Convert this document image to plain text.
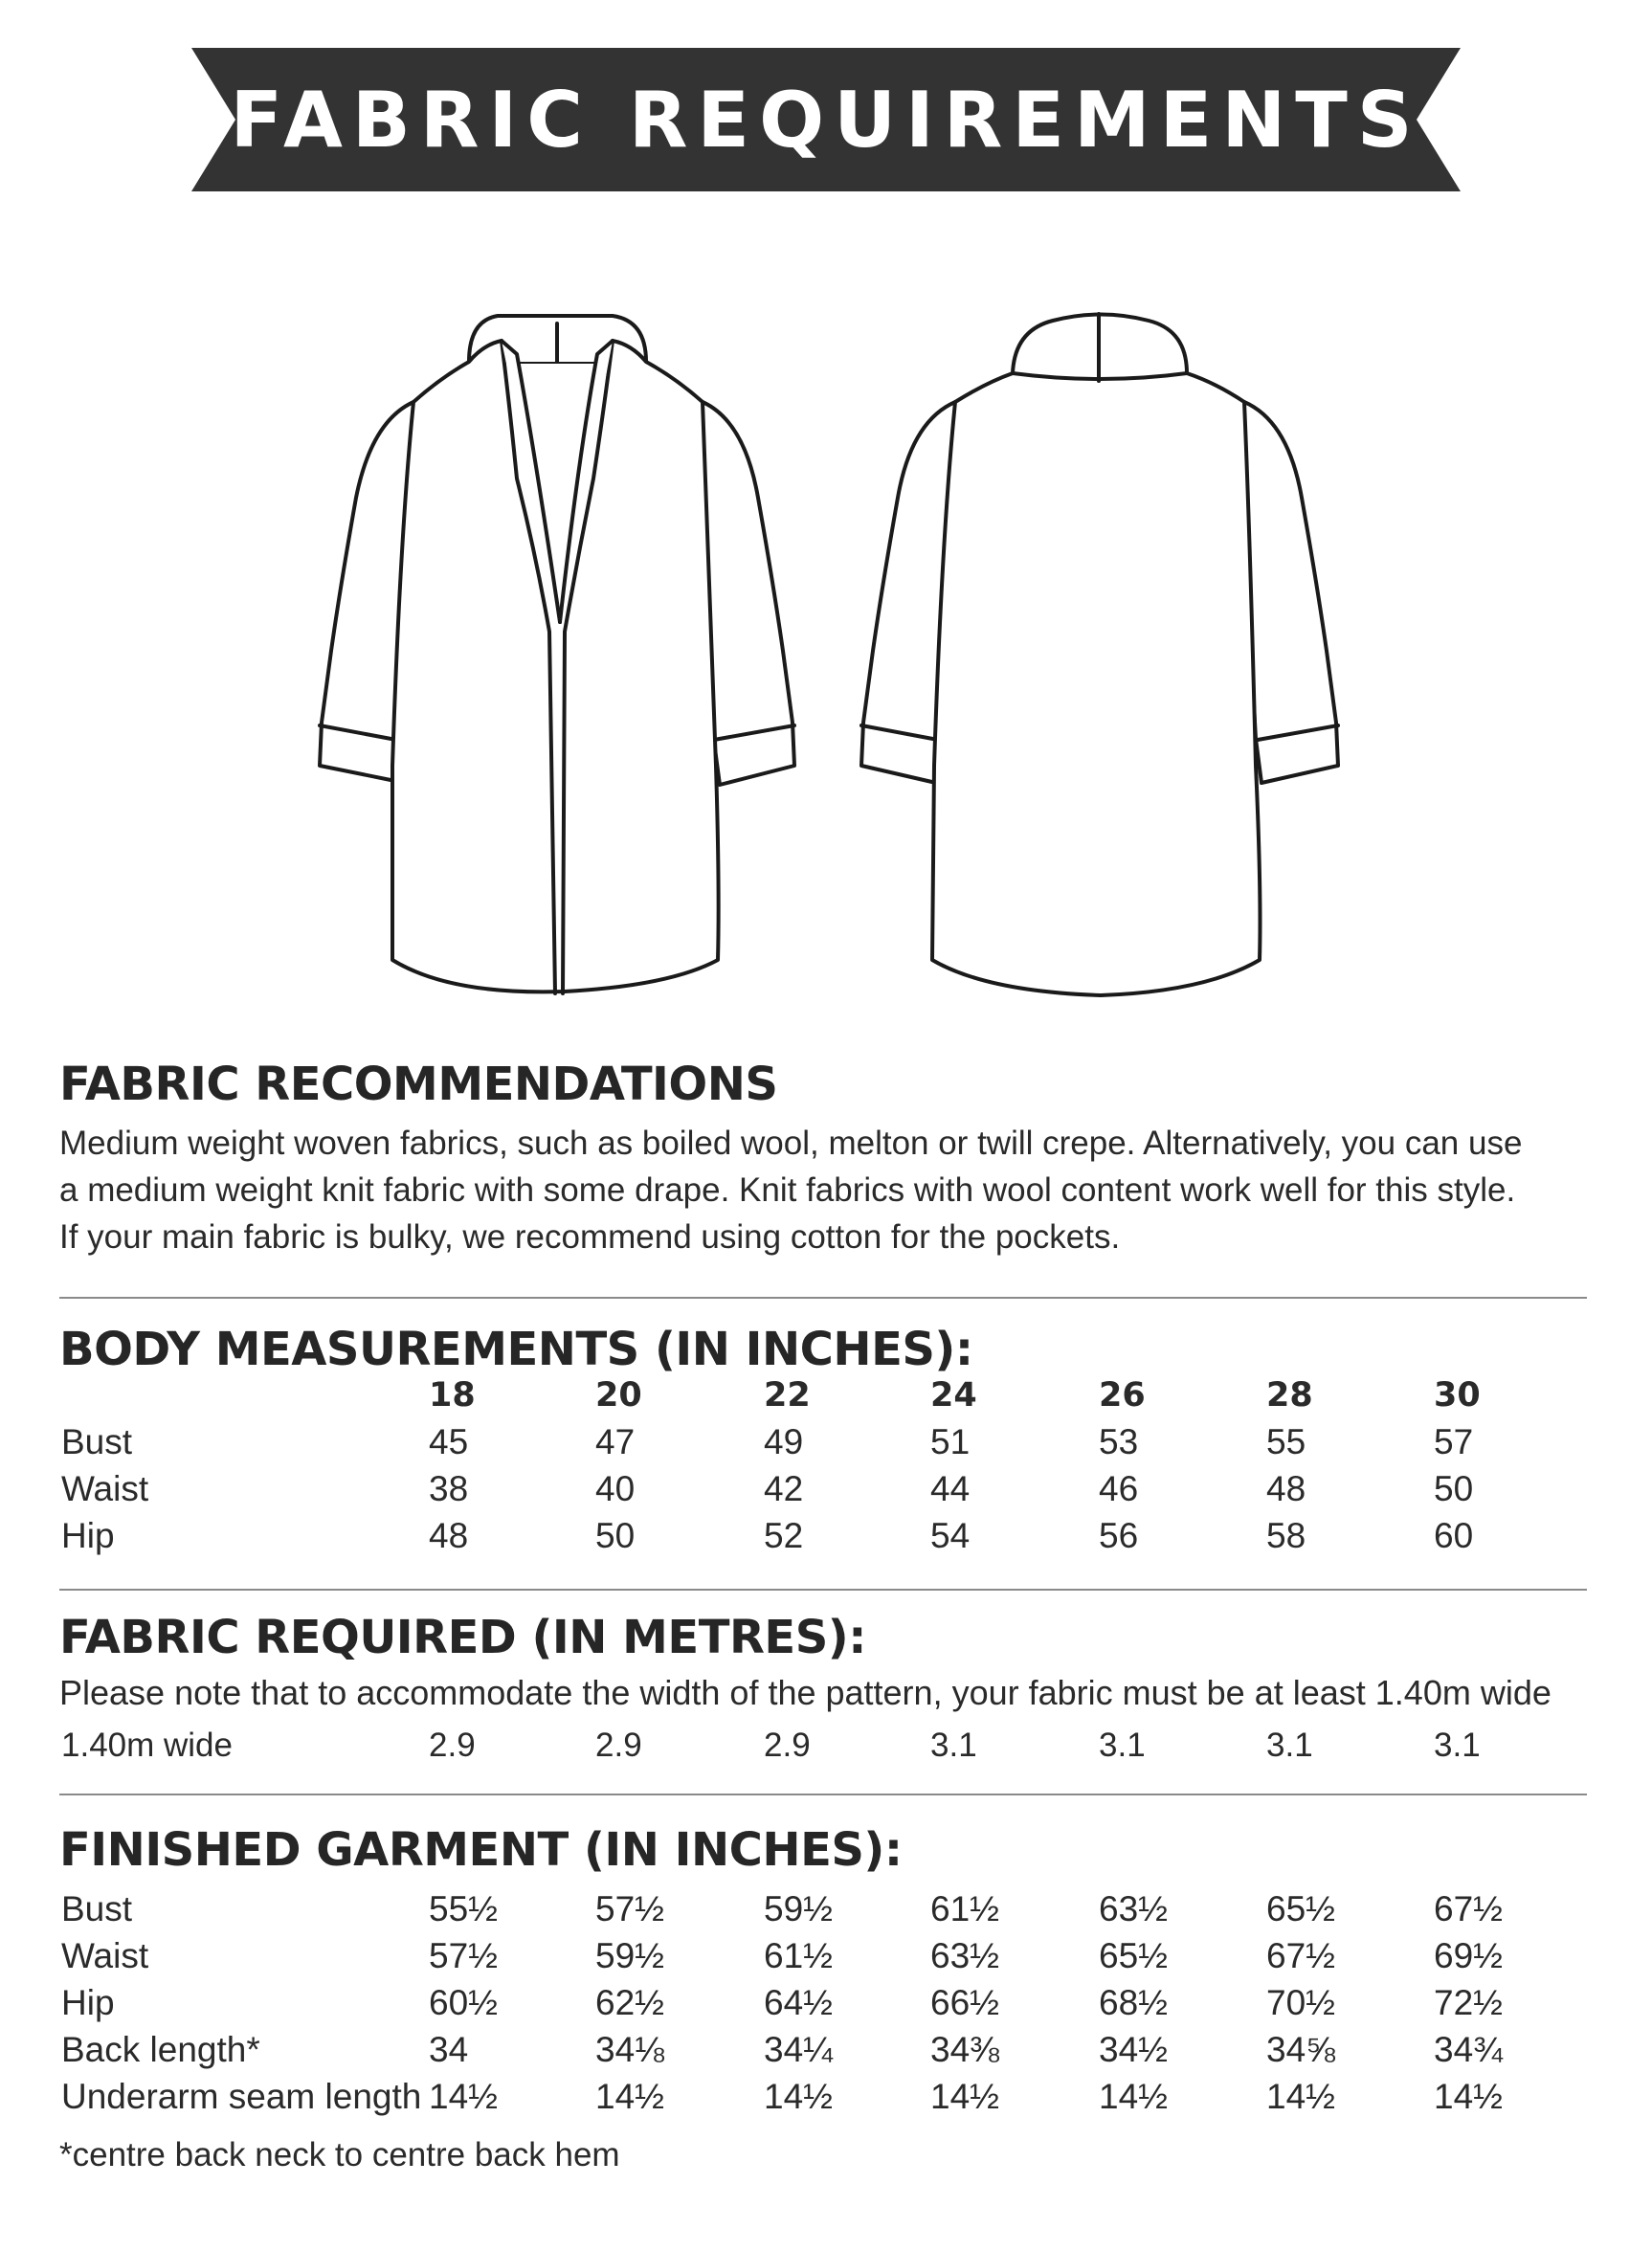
FABRIC REQUIREMENTS
FABRIC RECOMMENDATIONS
Medium weight woven fabrics, such as boiled wool, melton or twill crepe. Alternatively, you can use
a medium weight knit fabric with some drape. Knit fabrics with wool content work well for this style.
If your main fabric is bulky, we recommend using cotton for the pockets.
BODY MEASUREMENTS (IN INCHES):
18	20	22	24	26	28	30
Bust	45	47	49	51	53	55	57
Waist	38	40	42	44	46	48	50
Hip	48	50	52	54	56	58	60
FABRIC REQUIRED (IN METRES):
Please note that to accommodate the width of the pattern, your fabric must be at least 1.40m wide
1.40m wide	2.9	2.9	2.9	3.1	3.1	3.1	3.1
FINISHED GARMENT (IN INCHES):
Bust	55½	57½	59½	61½	63½	65½	67½
Waist	57½	59½	61½	63½	65½	67½	69½
Hip	60½	62½	64½	66½	68½	70½	72½
Back length*	34	34⅛	34¼	34⅜	34½	34⅝	34¾
Underarm seam length 14½	14½	14½	14½	14½	14½	14½
*centre back neck to centre back hem
